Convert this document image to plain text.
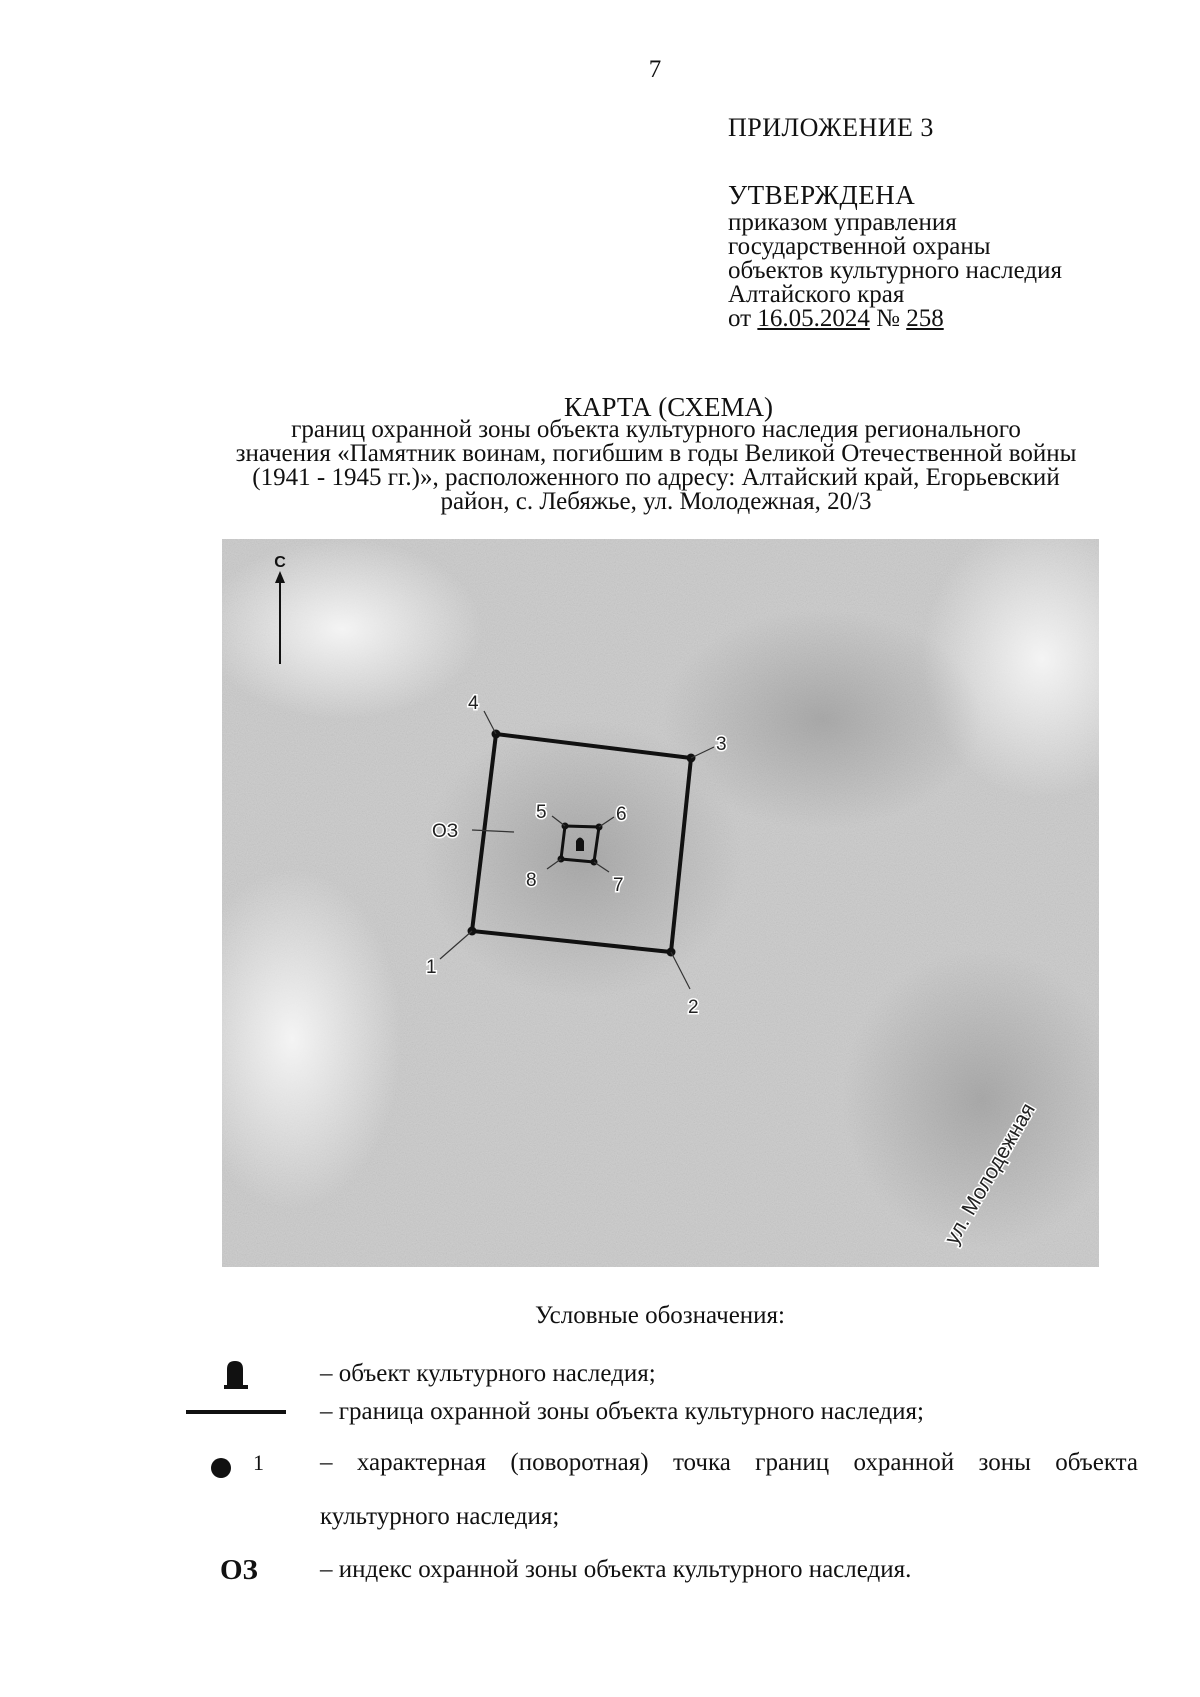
7
ПРИЛОЖЕНИЕ 3
УТВЕРЖДЕНА
приказом управления
государственной охраны
объектов культурного наследия
Алтайского края
от 16.05.2024 № 258
КАРТА (СХЕМА)
границ охранной зоны объекта культурного наследия регионального
значения «Памятник воинам, погибшим в годы Великой Отечественной войны
(1941 - 1945 гг.)», расположенного по адресу: Алтайский край, Егорьевский
район, с. Лебяжье, ул. Молодежная, 20/3
С
1
2
3
4
5	6
7
8
ОЗ
ул. Молодежная
Условные обозначения:
– объект культурного наследия;
– граница охранной зоны объекта культурного наследия;
1 – характерная (поворотная) точка границ охранной зоны объекта
культурного наследия;
ОЗ – индекс охранной зоны объекта культурного наследия.
